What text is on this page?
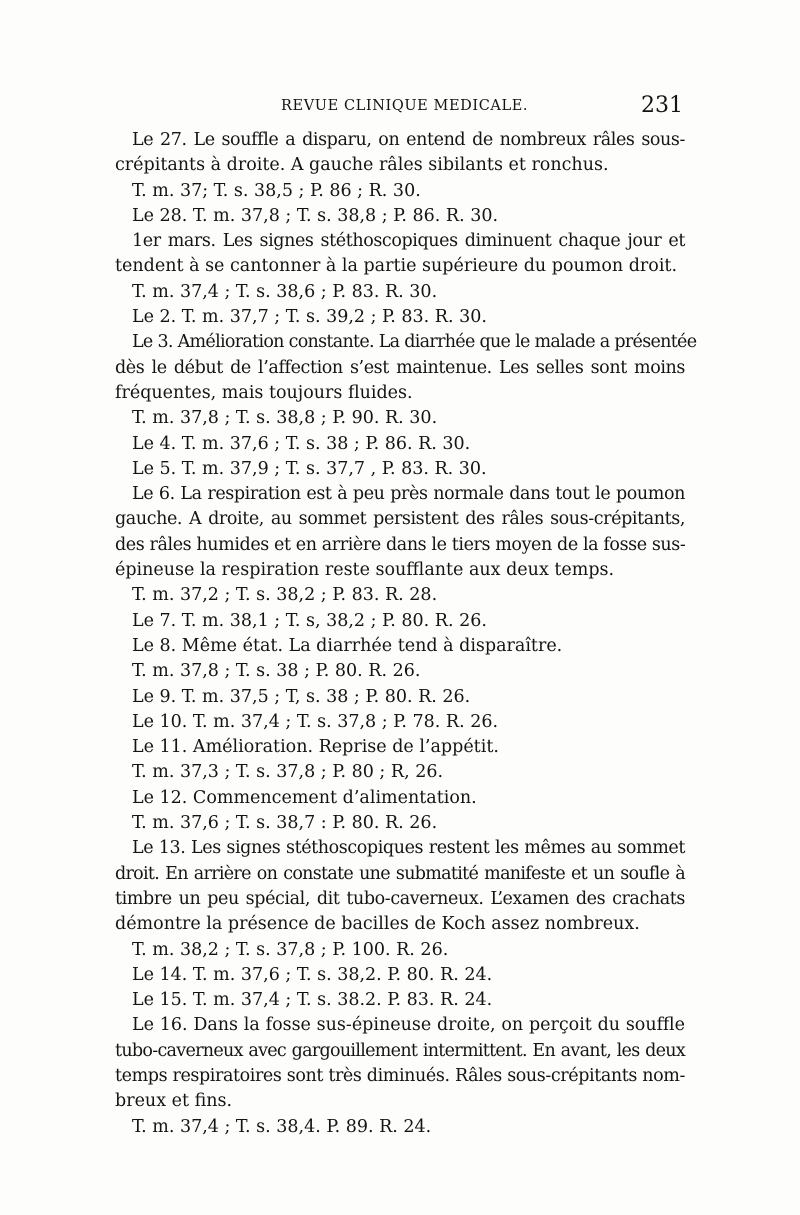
REVUE CLINIQUE MEDICALE.	231
Le 27. Le souffle a disparu, on entend de nombreux râles sous-
crépitants à droite. A gauche râles sibilants et ronchus.
T. m. 37; T. s. 38,5 ; P. 86 ; R. 30.
Le 28. T. m. 37,8 ; T. s. 38,8 ; P. 86. R. 30.
1er mars. Les signes stéthoscopiques diminuent chaque jour et
tendent à se cantonner à la partie supérieure du poumon droit.
T. m. 37,4 ; T. s. 38,6 ; P. 83. R. 30.
Le 2. T. m. 37,7 ; T. s. 39,2 ; P. 83. R. 30.
Le 3. Amélioration constante. La diarrhée que le malade a présentée
dès le début de l’affection s’est maintenue. Les selles sont moins
fréquentes, mais toujours fluides.
T. m. 37,8 ; T. s. 38,8 ; P. 90. R. 30.
Le 4. T. m. 37,6 ; T. s. 38 ; P. 86. R. 30.
Le 5. T. m. 37,9 ; T. s. 37,7 , P. 83. R. 30.
Le 6. La respiration est à peu près normale dans tout le poumon
gauche. A droite, au sommet persistent des râles sous-crépitants,
des râles humides et en arrière dans le tiers moyen de la fosse sus-
épineuse la respiration reste soufflante aux deux temps.
T. m. 37,2 ; T. s. 38,2 ; P. 83. R. 28.
Le 7. T. m. 38,1 ; T. s, 38,2 ; P. 80. R. 26.
Le 8. Même état. La diarrhée tend à disparaître.
T. m. 37,8 ; T. s. 38 ; P. 80. R. 26.
Le 9. T. m. 37,5 ; T, s. 38 ; P. 80. R. 26.
Le 10. T. m. 37,4 ; T. s. 37,8 ; P. 78. R. 26.
Le 11. Amélioration. Reprise de l’appétit.
T. m. 37,3 ; T. s. 37,8 ; P. 80 ; R, 26.
Le 12. Commencement d’alimentation.
T. m. 37,6 ; T. s. 38,7 : P. 80. R. 26.
Le 13. Les signes stéthoscopiques restent les mêmes au sommet
droit. En arrière on constate une submatité manifeste et un soufle à
timbre un peu spécial, dit tubo-caverneux. L’examen des crachats
démontre la présence de bacilles de Koch assez nombreux.
T. m. 38,2 ; T. s. 37,8 ; P. 100. R. 26.
Le 14. T. m. 37,6 ; T. s. 38,2. P. 80. R. 24.
Le 15. T. m. 37,4 ; T. s. 38.2. P. 83. R. 24.
Le 16. Dans la fosse sus-épineuse droite, on perçoit du souffle
tubo-caverneux avec gargouillement intermittent. En avant, les deux
temps respiratoires sont très diminués. Râles sous-crépitants nom-
breux et fins.
T. m. 37,4 ; T. s. 38,4. P. 89. R. 24.
